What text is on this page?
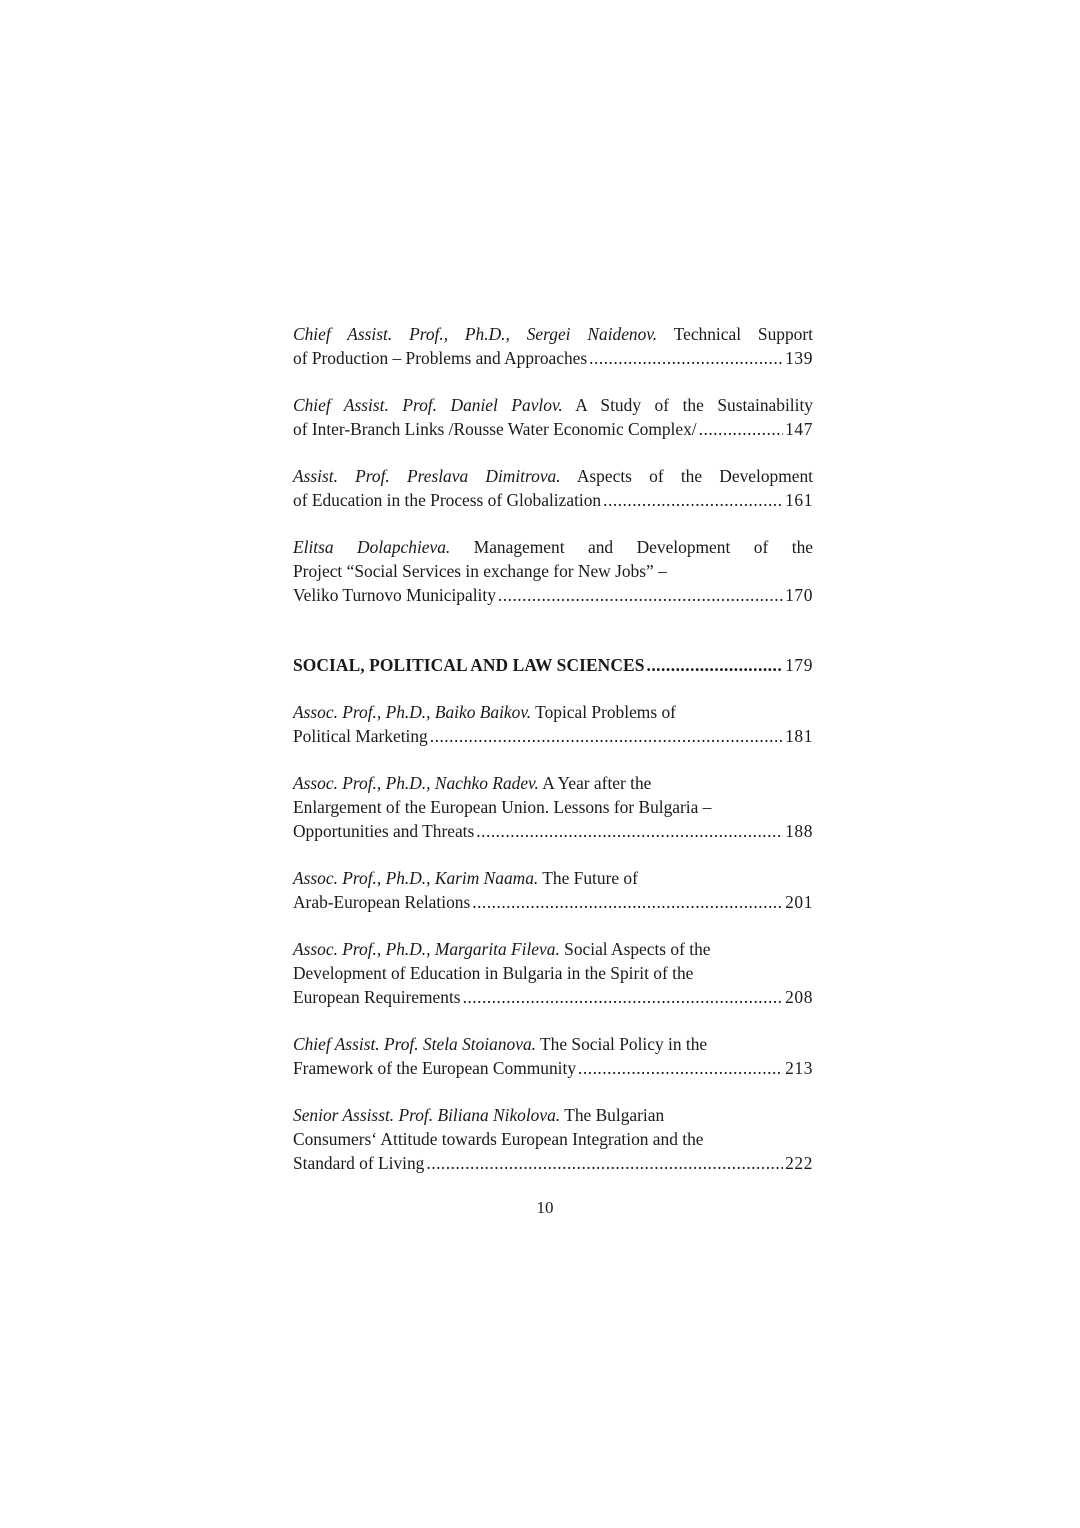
Chief Assist. Prof., Ph.D., Sergei Naidenov. Technical Support
of Production – Problems and Approaches .....	139
Chief Assist. Prof. Daniel Pavlov. A Study of the Sustainability
of Inter-Branch Links /Rousse Water Economic Complex/ .....	147
Assist. Prof. Preslava Dimitrova. Aspects of the Development
of Education in the Process of Globalization .....	161
Elitsa Dolapchieva. Management and Development of the
Project “Social Services in exchange for New Jobs” –
Veliko Turnovo Municipality .....	170
SOCIAL, POLITICAL AND LAW SCIENCES .....	179
Assoc. Prof., Ph.D., Baiko Baikov. Topical Problems of
Political Marketing .....	181
Assoc. Prof., Ph.D., Nachko Radev. A Year after the
Enlargement of the European Union. Lessons for Bulgaria –
Opportunities and Threats .....	188
Assoc. Prof., Ph.D., Karim Naama. The Future of
Arab-European Relations .....	201
Assoc. Prof., Ph.D., Margarita Fileva. Social Aspects of the
Development of Education in Bulgaria in the Spirit of the
European Requirements .....	208
Chief Assist. Prof. Stela Stoianova. The Social Policy in the
Framework of the European Community .....	213
Senior Assisst. Prof. Biliana Nikolova. The Bulgarian
Consumers‘ Attitude towards European Integration and the
Standard of Living .....	222
10
